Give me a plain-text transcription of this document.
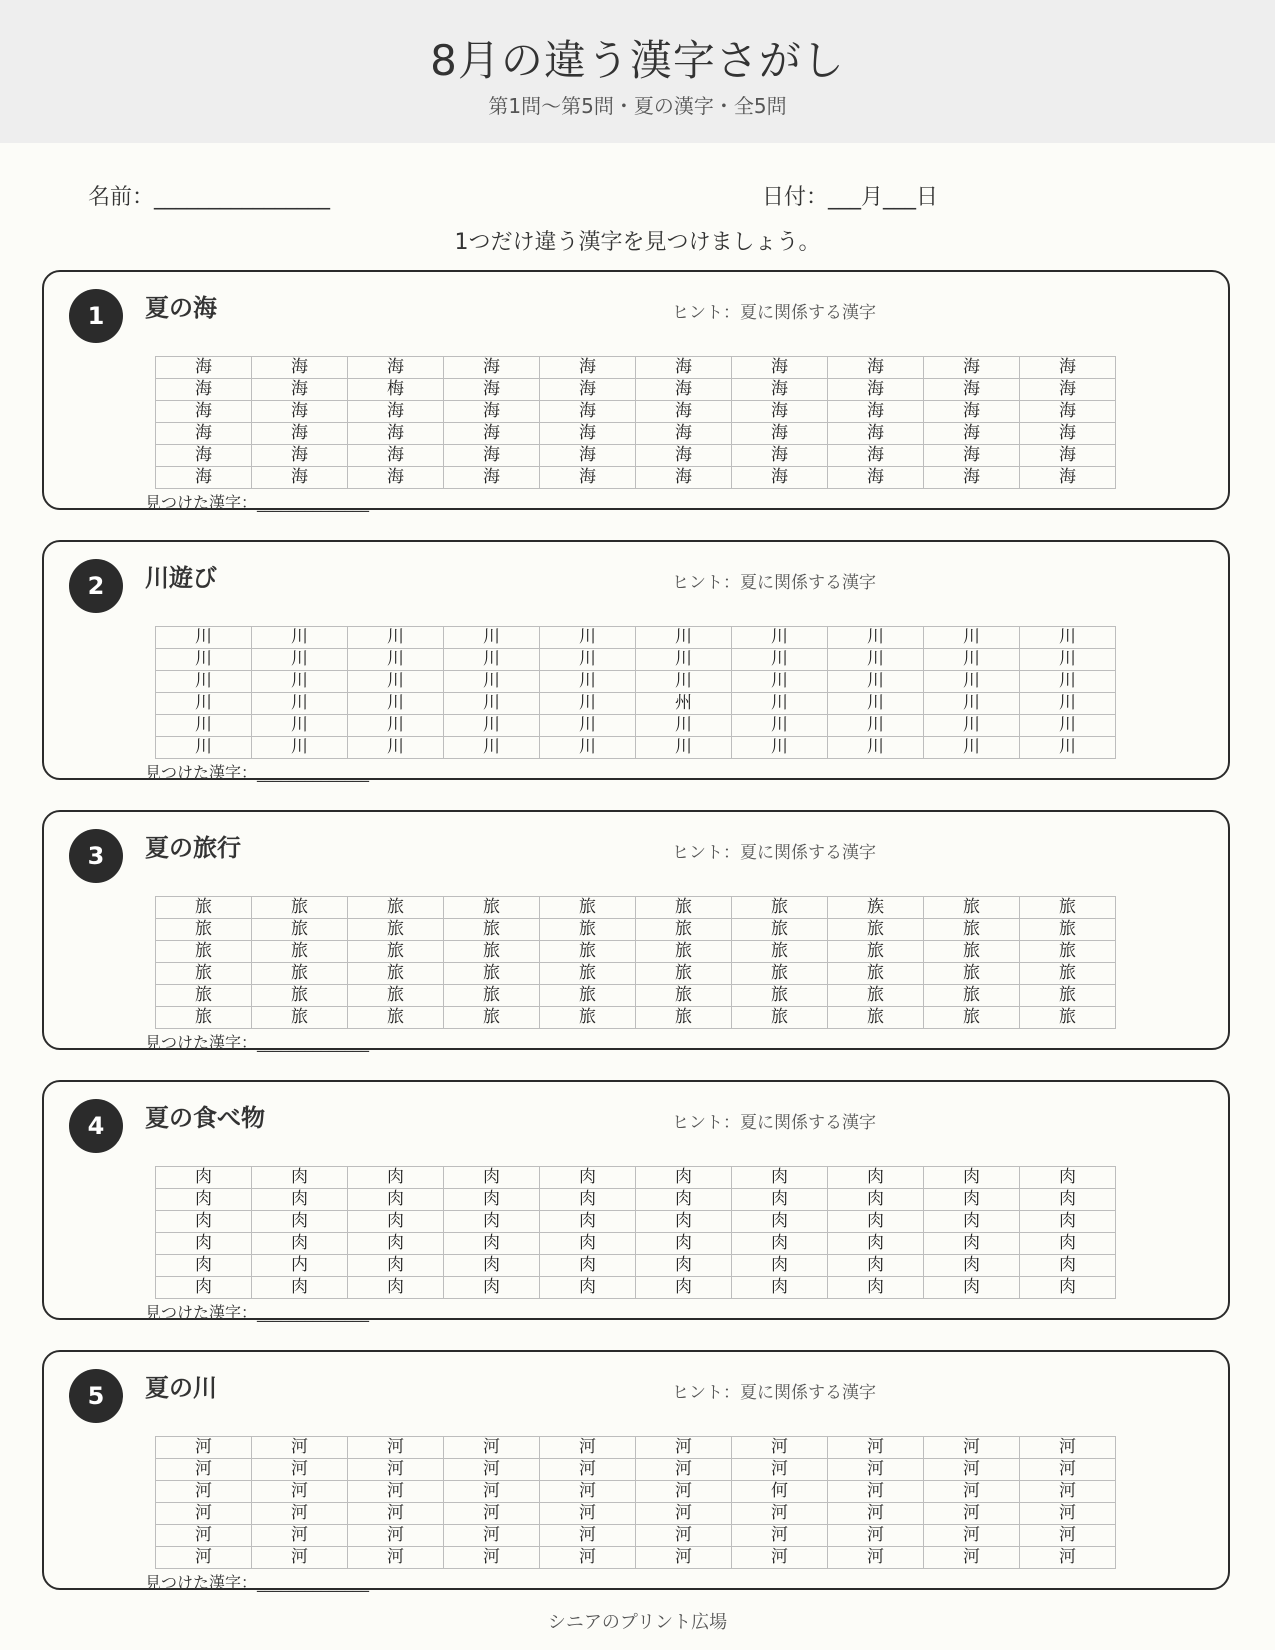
8月の違う漢字さがし
第1問〜第5問・夏の漢字・全5問
名前：________________	日付：___月___日
1つだけ違う漢字を見つけましょう。
1	夏の海	ヒント：夏に関係する漢字
海	海	海	海	海	海	海	海	海	海
海	海	梅	海	海	海	海	海	海	海
海	海	海	海	海	海	海	海	海	海
海	海	海	海	海	海	海	海	海	海
海	海	海	海	海	海	海	海	海	海
海	海	海	海	海	海	海	海	海	海
見つけた漢字：______________
2	川遊び	ヒント：夏に関係する漢字
川	川	川	川	川	川	川	川	川	川
川	川	川	川	川	川	川	川	川	川
川	川	川	川	川	川	川	川	川	川
川	川	川	川	川	州	川	川	川	川
川	川	川	川	川	川	川	川	川	川
川	川	川	川	川	川	川	川	川	川
見つけた漢字：______________
3	夏の旅行	ヒント：夏に関係する漢字
旅	旅	旅	旅	旅	旅	旅	族	旅	旅
旅	旅	旅	旅	旅	旅	旅	旅	旅	旅
旅	旅	旅	旅	旅	旅	旅	旅	旅	旅
旅	旅	旅	旅	旅	旅	旅	旅	旅	旅
旅	旅	旅	旅	旅	旅	旅	旅	旅	旅
旅	旅	旅	旅	旅	旅	旅	旅	旅	旅
見つけた漢字：______________
4	夏の食べ物	ヒント：夏に関係する漢字
肉	肉	肉	肉	肉	肉	肉	肉	肉	肉
肉	肉	肉	肉	肉	肉	肉	肉	肉	肉
肉	肉	肉	肉	肉	肉	肉	肉	肉	肉
肉	肉	肉	肉	肉	肉	肉	肉	肉	肉
肉	内	肉	肉	肉	肉	肉	肉	肉	肉
肉	肉	肉	肉	肉	肉	肉	肉	肉	肉
見つけた漢字：______________
5	夏の川	ヒント：夏に関係する漢字
河	河	河	河	河	河	河	河	河	河
河	河	河	河	河	河	河	河	河	河
河	河	河	河	河	河	何	河	河	河
河	河	河	河	河	河	河	河	河	河
河	河	河	河	河	河	河	河	河	河
河	河	河	河	河	河	河	河	河	河
見つけた漢字：______________
シニアのプリント広場
